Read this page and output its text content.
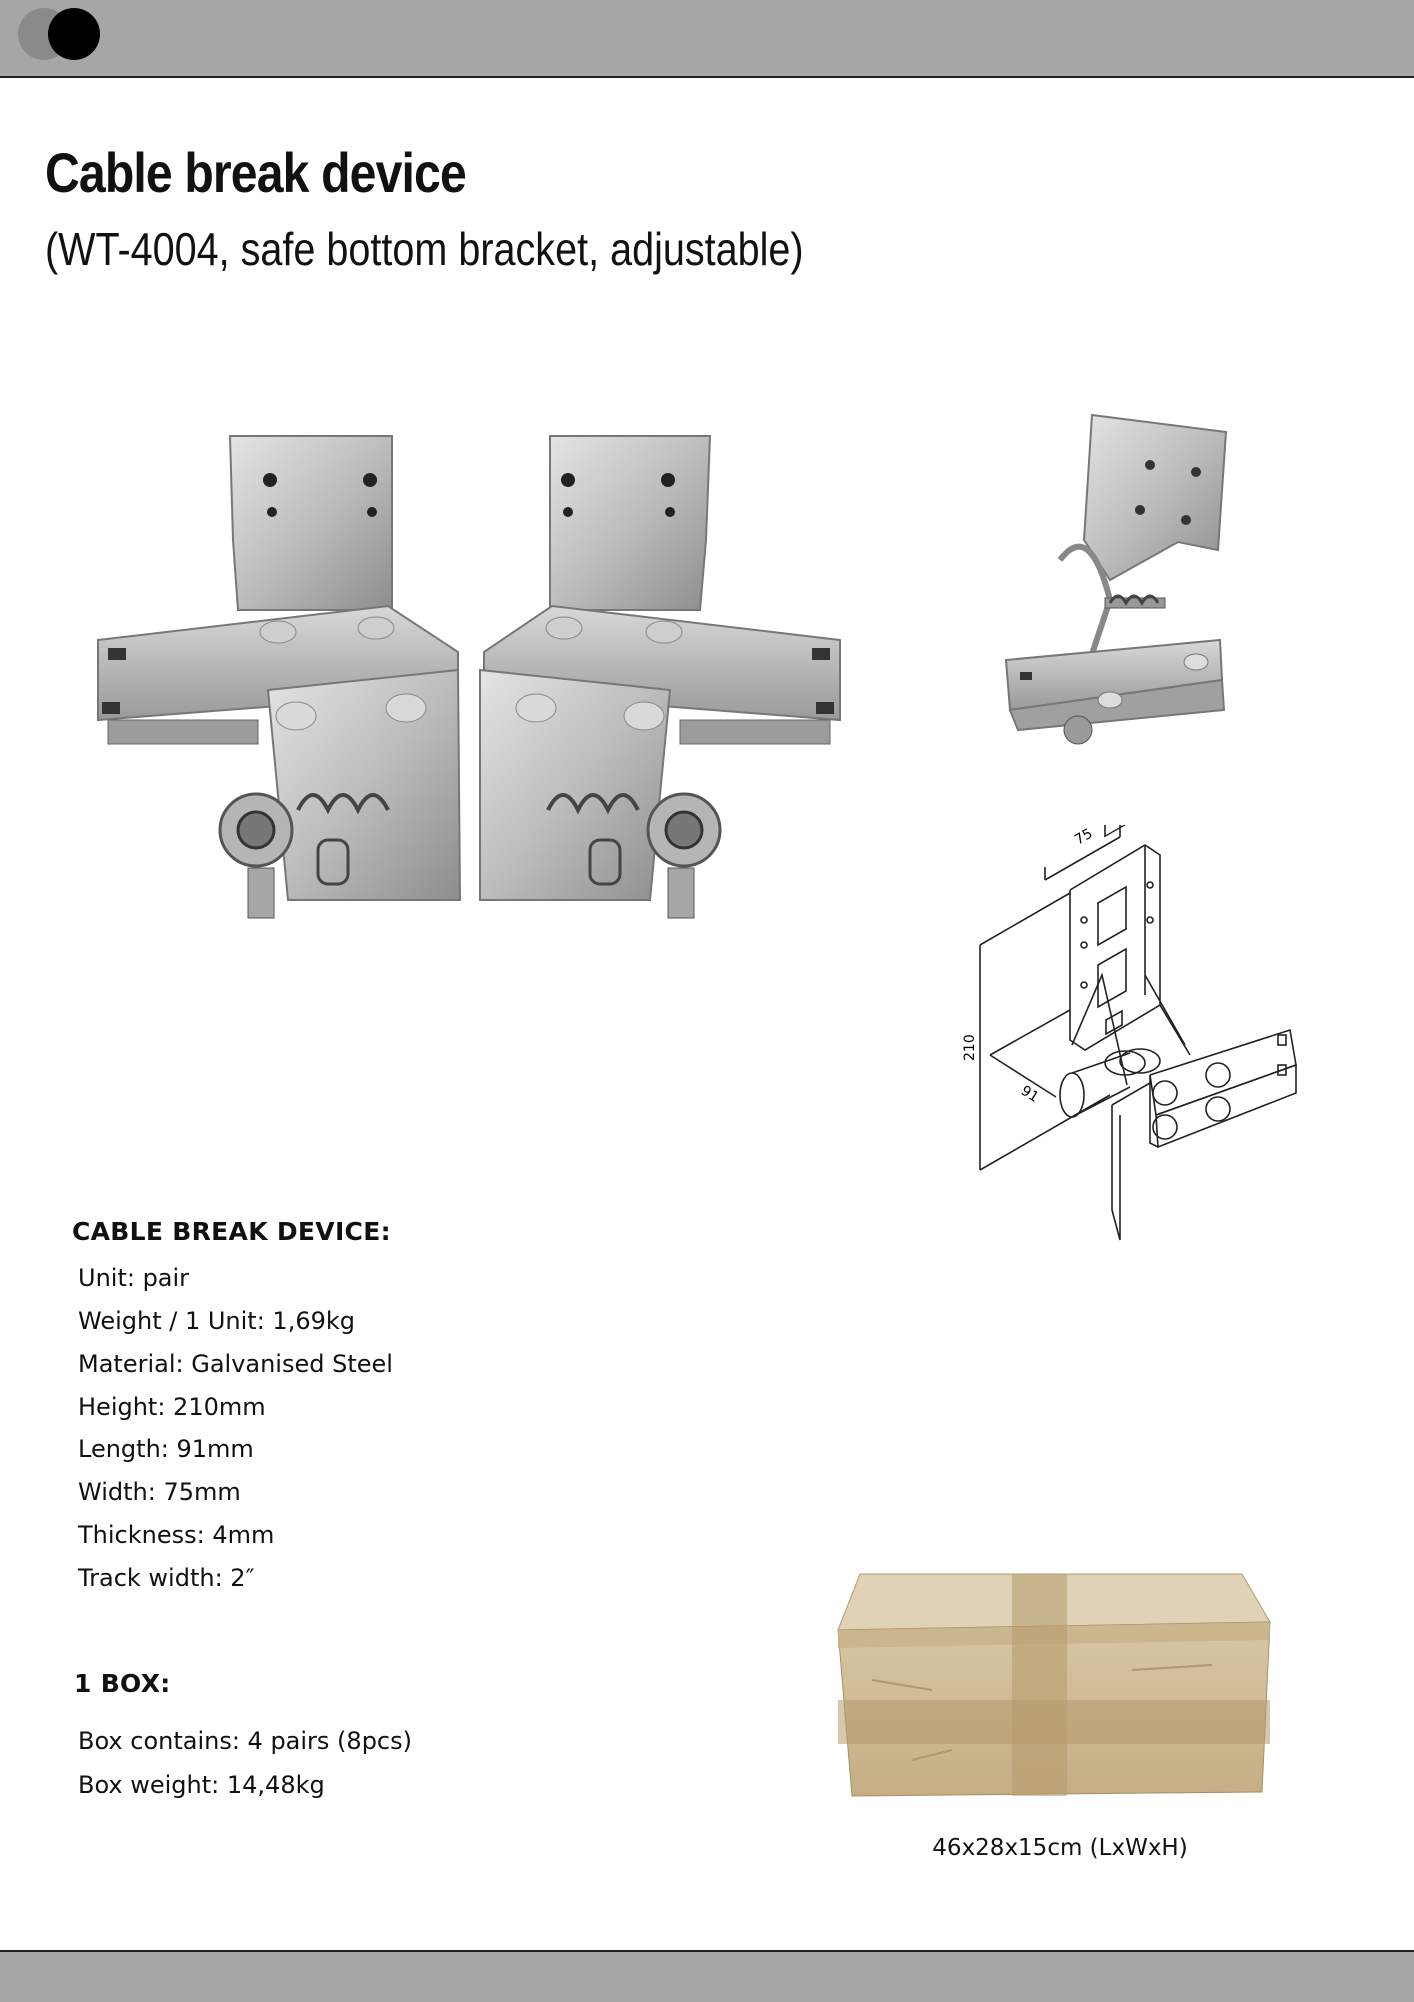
Cable break device
(WT-4004, safe bottom bracket, adjustable)
75
210
91
CABLE BREAK DEVICE:
Unit: pair
Weight / 1 Unit: 1,69kg
Material: Galvanised Steel
Height: 210mm
Length: 91mm
Width: 75mm
Thickness: 4mm
Track width: 2″
1 BOX:
Box contains: 4 pairs (8pcs)
Box weight: 14,48kg
46x28x15cm (LxWxH)
